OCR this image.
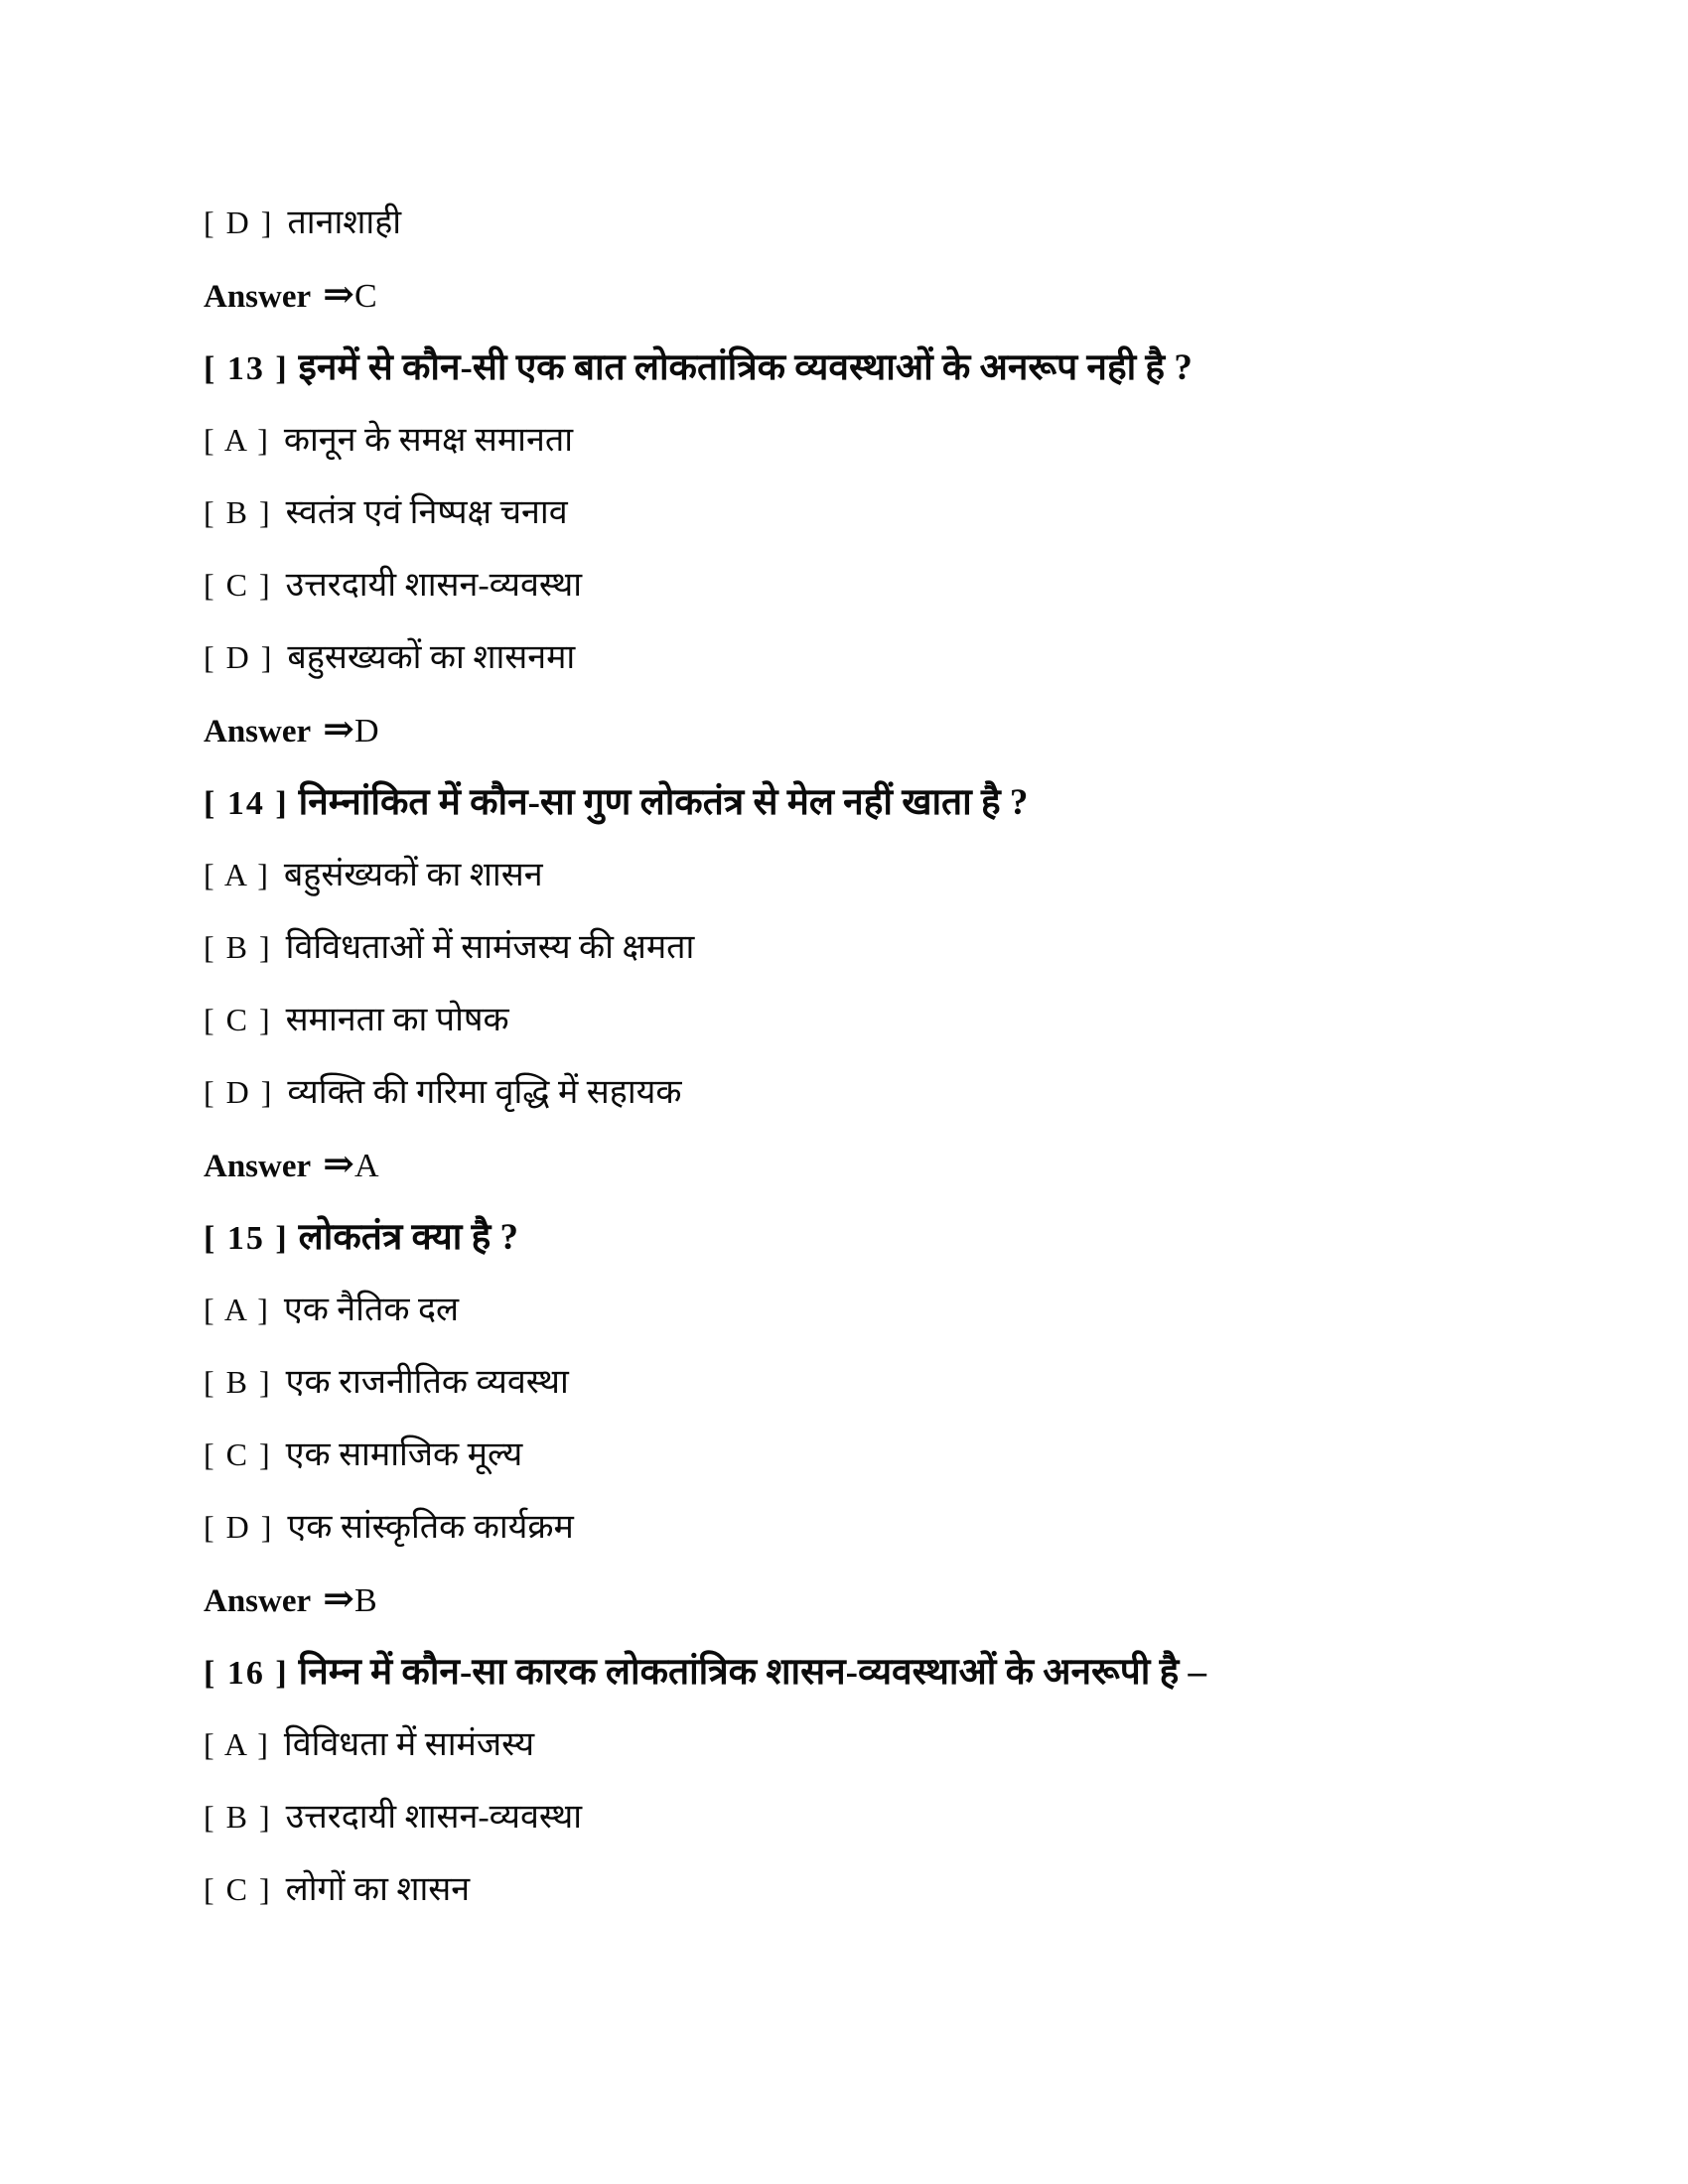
[ D ] तानाशाही
Answer ⇒C
[ 13 ] इनमें से कौन-सी एक बात लोकतांत्रिक व्यवस्थाओं के अनरूप नही है ?
[ A ] कानून के समक्ष समानता
[ B ] स्वतंत्र एवं निष्पक्ष चनाव
[ C ] उत्तरदायी शासन-व्यवस्था
[ D ] बहुसख्यकों का शासनमा
Answer ⇒D
[ 14 ] निम्नांकित में कौन-सा गुण लोकतंत्र से मेल नहीं खाता है ?
[ A ] बहुसंख्यकों का शासन
[ B ] विविधताओं में सामंजस्य की क्षमता
[ C ] समानता का पोषक
[ D ] व्यक्ति की गरिमा वृद्धि में सहायक
Answer ⇒A
[ 15 ] लोकतंत्र क्या है ?
[ A ] एक नैतिक दल
[ B ] एक राजनीतिक व्यवस्था
[ C ] एक सामाजिक मूल्य
[ D ] एक सांस्कृतिक कार्यक्रम
Answer ⇒B
[ 16 ] निम्न में कौन-सा कारक लोकतांत्रिक शासन-व्यवस्थाओं के अनरूपी है –
[ A ] विविधता में सामंजस्य
[ B ] उत्तरदायी शासन-व्यवस्था
[ C ] लोगों का शासन
